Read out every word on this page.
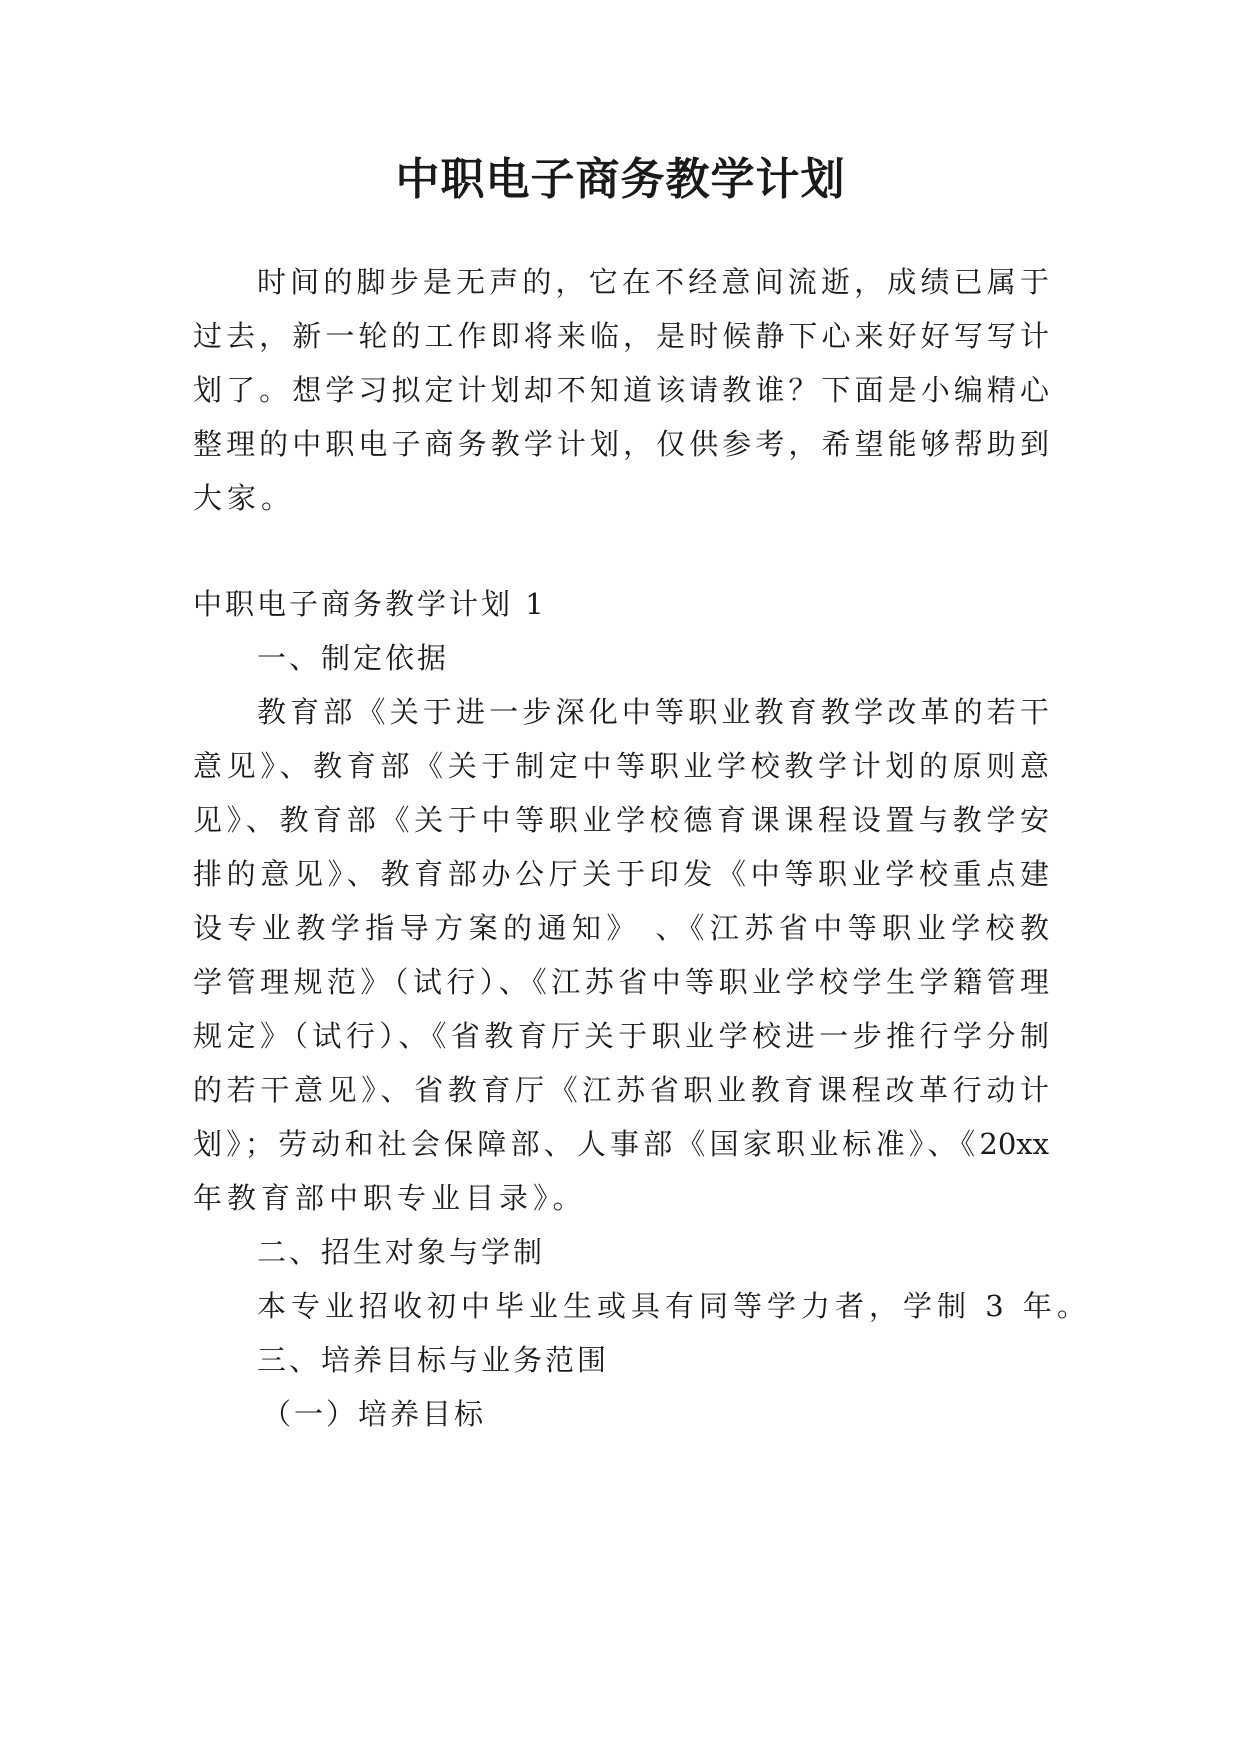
中职电子商务教学计划
时间的脚步是无声的，它在不经意间流逝，成绩已属于
过去，新一轮的工作即将来临，是时候静下心来好好写写计
划了。想学习拟定计划却不知道该请教谁？下面是小编精心
整理的中职电子商务教学计划，仅供参考，希望能够帮助到
大家。
中职电子商务教学计划 1
一、制定依据
教育部《关于进一步深化中等职业教育教学改革的若干
意见》、教育部《关于制定中等职业学校教学计划的原则意
见》、教育部《关于中等职业学校德育课课程设置与教学安
排的意见》、教育部办公厅关于印发《中等职业学校重点建
设专业教学指导方案的通知》 、《江苏省中等职业学校教
学管理规范》（试行）、《江苏省中等职业学校学生学籍管理
规定》（试行）、《省教育厅关于职业学校进一步推行学分制
的若干意见》、省教育厅《江苏省职业教育课程改革行动计
划》；劳动和社会保障部、人事部《国家职业标准》、《20xx
年教育部中职专业目录》。
二、招生对象与学制
本专业招收初中毕业生或具有同等学力者，学制 3 年。
三、培养目标与业务范围
（一）培养目标
